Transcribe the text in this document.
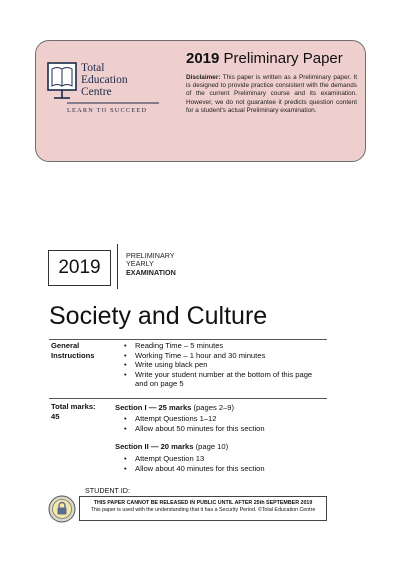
Total
Education
Centre
LEARN TO SUCCEED
2019 Preliminary Paper
Disclaimer: This paper is written as a Preliminary paper. It is designed to provide practice consistent with the demands of the current Preliminary course and its examination. However, we do not guarantee it predicts question content for a student's actual Preliminary examination.
2019
PRELIMINARY
YEARLY
EXAMINATION
Society and Culture
General
Instructions
• Reading Time – 5 minutes
• Working Time – 1 hour and 30 minutes
• Write using black pen
• Write your student number at the bottom of this page and on page 5
Total marks:
45
Section I — 25 marks (pages 2–9)
• Attempt Questions 1–12
• Allow about 50 minutes for this section
Section II — 20 marks (page 10)
• Attempt Question 13
• Allow about 40 minutes for this section
STUDENT ID:
THIS PAPER CANNOT BE RELEASED IN PUBLIC UNTIL AFTER 25th SEPTEMBER 2019
This paper is used with the understanding that it has a Security Period. ©Total Education Centre
